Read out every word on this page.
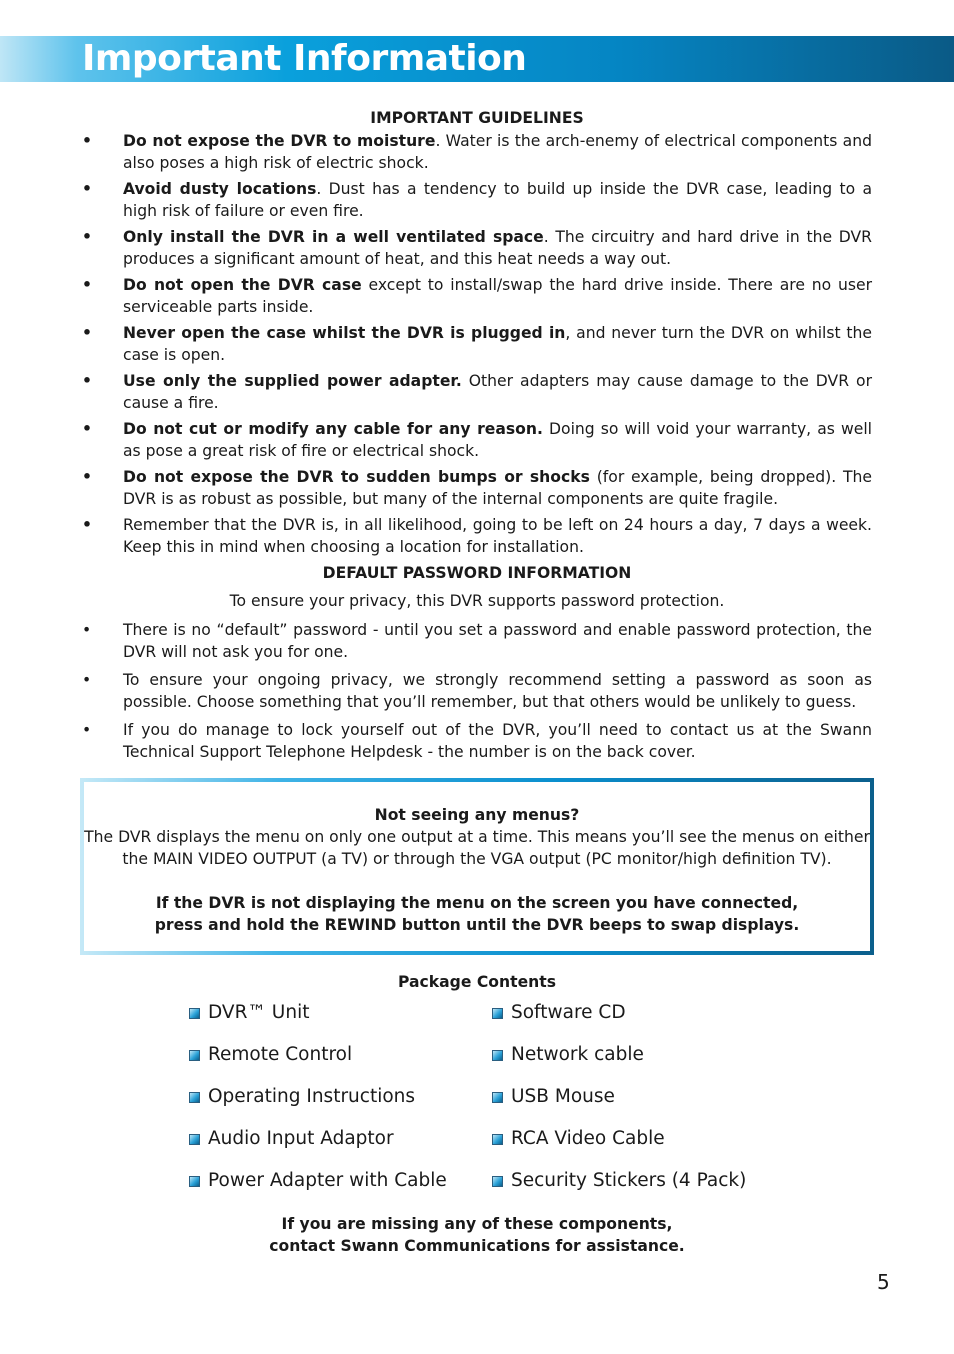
Important Information
IMPORTANT GUIDELINES
• Do not expose the DVR to moisture. Water is the arch-enemy of electrical components and also poses a high risk of electric shock.
• Avoid dusty locations. Dust has a tendency to build up inside the DVR case, leading to a high risk of failure or even fire.
• Only install the DVR in a well ventilated space. The circuitry and hard drive in the DVR produces a significant amount of heat, and this heat needs a way out.
• Do not open the DVR case except to install/swap the hard drive inside. There are no user serviceable parts inside.
• Never open the case whilst the DVR is plugged in, and never turn the DVR on whilst the case is open.
• Use only the supplied power adapter. Other adapters may cause damage to the DVR or cause a fire.
• Do not cut or modify any cable for any reason. Doing so will void your warranty, as well as pose a great risk of fire or electrical shock.
• Do not expose the DVR to sudden bumps or shocks (for example, being dropped). The DVR is as robust as possible, but many of the internal components are quite fragile.
• Remember that the DVR is, in all likelihood, going to be left on 24 hours a day, 7 days a week. Keep this in mind when choosing a location for installation.
DEFAULT PASSWORD INFORMATION
To ensure your privacy, this DVR supports password protection.
• There is no “default” password - until you set a password and enable password protection, the DVR will not ask you for one.
• To ensure your ongoing privacy, we strongly recommend setting a password as soon as possible. Choose something that you’ll remember, but that others would be unlikely to guess.
• If you do manage to lock yourself out of the DVR, you’ll need to contact us at the Swann Technical Support Telephone Helpdesk - the number is on the back cover.
Not seeing any menus?
The DVR displays the menu on only one output at a time. This means you’ll see the menus on either
the MAIN VIDEO OUTPUT (a TV) or through the VGA output (PC monitor/high definition TV).
If the DVR is not displaying the menu on the screen you have connected,
press and hold the REWIND button until the DVR beeps to swap displays.
Package Contents
DVR™ Unit
Remote Control
Operating Instructions
Audio Input Adaptor
Power Adapter with Cable
Software CD
Network cable
USB Mouse
RCA Video Cable
Security Stickers (4 Pack)
If you are missing any of these components,
contact Swann Communications for assistance.
5
